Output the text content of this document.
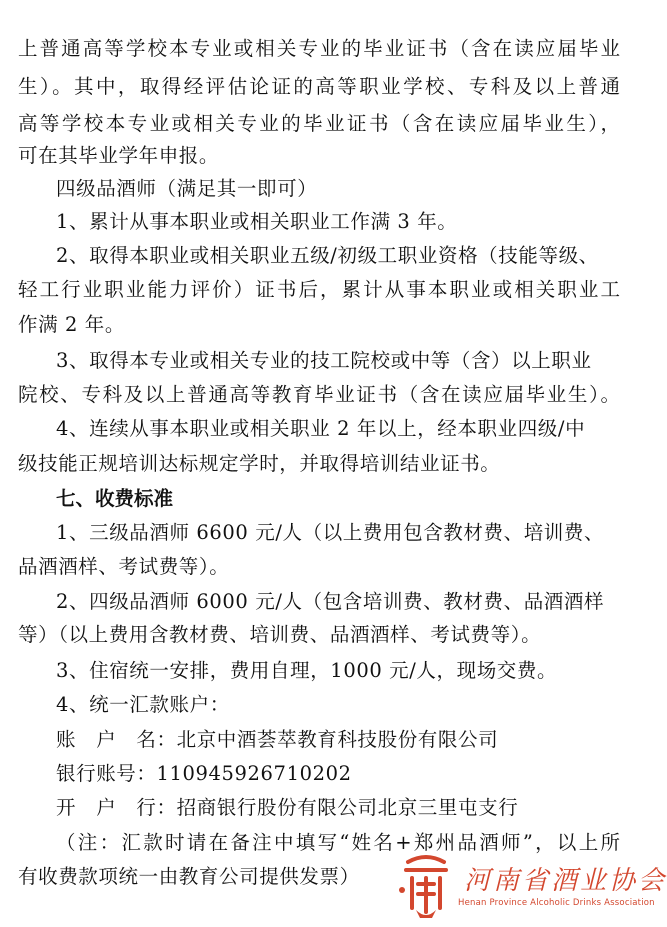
上普通高等学校本专业或相关专业的毕业证书（含在读应届毕业
生）。其中，取得经评估论证的高等职业学校、专科及以上普通
高等学校本专业或相关专业的毕业证书（含在读应届毕业生），
可在其毕业学年申报。
四级品酒师（满足其一即可）
1、累计从事本职业或相关职业工作满 3 年。
2、取得本职业或相关职业五级/初级工职业资格（技能等级、
轻工行业职业能力评价）证书后，累计从事本职业或相关职业工
作满 2 年。
3、取得本专业或相关专业的技工院校或中等（含）以上职业
院校、专科及以上普通高等教育毕业证书（含在读应届毕业生）。
4、连续从事本职业或相关职业 2 年以上，经本职业四级/中
级技能正规培训达标规定学时，并取得培训结业证书。
七、收费标准
1、三级品酒师 6600 元/人（以上费用包含教材费、培训费、
品酒酒样、考试费等）。
2、四级品酒师 6000 元/人（包含培训费、教材费、品酒酒样
等）（以上费用含教材费、培训费、品酒酒样、考试费等）。
3、住宿统一安排，费用自理，1000 元/人，现场交费。
4、统一汇款账户：
账　户　名：北京中酒荟萃教育科技股份有限公司
银行账号：110945926710202
开　户　行：招商银行股份有限公司北京三里屯支行
（注：汇款时请在备注中填写“姓名+郑州品酒师”，以上所
有收费款项统一由教育公司提供发票）	河南省酒业协会
Henan Province Alcoholic Drinks Association
